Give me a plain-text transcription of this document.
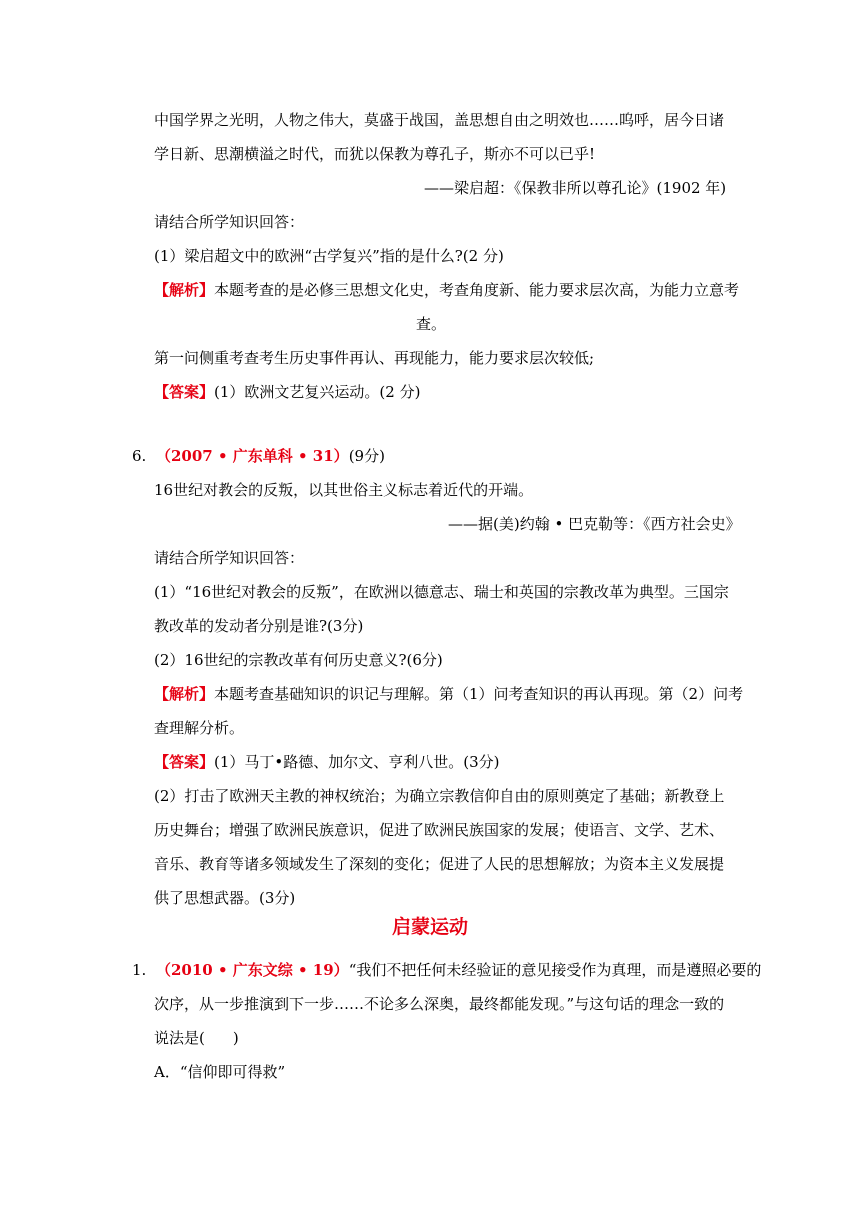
中国学界之光明，人物之伟大，莫盛于战国，盖思想自由之明效也……呜呼，居今日诸
学日新、思潮横溢之时代，而犹以保教为尊孔子，斯亦不可以已乎!
——梁启超：《保教非所以尊孔论》(1902 年)
请结合所学知识回答：
(1）梁启超文中的欧洲“古学复兴”指的是什么?(2 分)
【解析】本题考查的是必修三思想文化史，考查角度新、能力要求层次高，为能力立意考
查。
第一问侧重考查考生历史事件再认、再现能力，能力要求层次较低;
【答案】(1）欧洲文艺复兴运动。(2 分)
6. （2007 • 广东单科 • 31）(9分)
16世纪对教会的反叛，以其世俗主义标志着近代的开端。
——据(美)约翰 • 巴克勒等：《西方社会史》
请结合所学知识回答：
(1）“16世纪对教会的反叛”，在欧洲以德意志、瑞士和英国的宗教改革为典型。三国宗
教改革的发动者分别是谁?(3分)
(2）16世纪的宗教改革有何历史意义?(6分)
【解析】本题考查基础知识的识记与理解。第（1）问考查知识的再认再现。第（2）问考
查理解分析。
【答案】(1）马丁•路德、加尔文、亨利八世。(3分)
(2）打击了欧洲天主教的神权统治；为确立宗教信仰自由的原则奠定了基础；新教登上
历史舞台；增强了欧洲民族意识，促进了欧洲民族国家的发展；使语言、文学、艺术、
音乐、教育等诸多领域发生了深刻的变化；促进了人民的思想解放；为资本主义发展提
供了思想武器。(3分)
启蒙运动
1. （2010 • 广东文综 • 19）“我们不把任何未经验证的意见接受作为真理，而是遵照必要的
次序，从一步推演到下一步……不论多么深奥，最终都能发现。”与这句话的理念一致的
说法是( )
A．“信仰即可得救”
